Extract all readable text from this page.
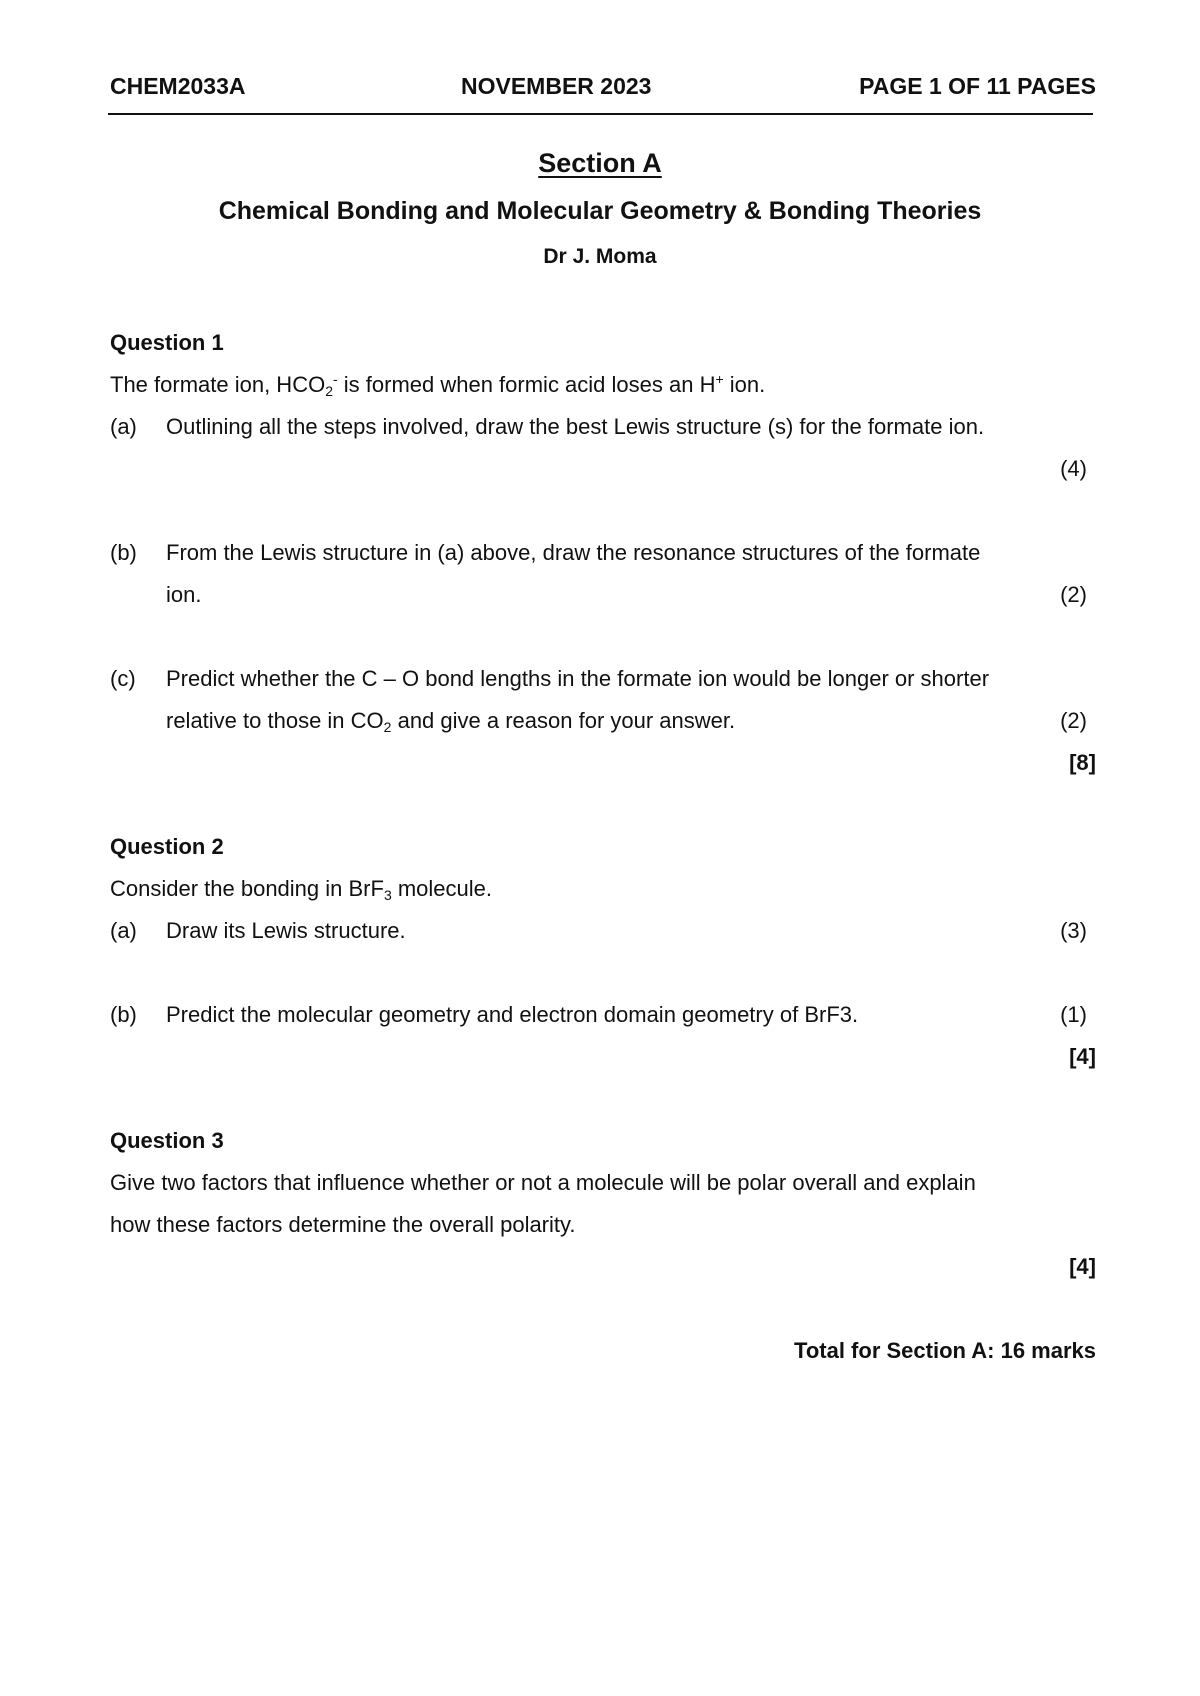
CHEM2033A	NOVEMBER 2023	PAGE 1 OF 11 PAGES
Section A
Chemical Bonding and Molecular Geometry & Bonding Theories
Dr J. Moma
Question 1
The formate ion, $HCO_2^-$ is formed when formic acid loses an H+ ion.
(a) Outlining all the steps involved, draw the best Lewis structure (s) for the formate ion.
(4)
(b) From the Lewis structure in (a) above, draw the resonance structures of the formate
ion.	(2)
(c) Predict whether the C – O bond lengths in the formate ion would be longer or shorter
relative to those in $CO_2$ and give a reason for your answer.	(2)
[8]
Question 2
Consider the bonding in BrF$_3$ molecule.
(a) Draw its Lewis structure.	(3)
(b) Predict the molecular geometry and electron domain geometry of BrF3.	(1)
[4]
Question 3
Give two factors that influence whether or not a molecule will be polar overall and explain
how these factors determine the overall polarity.
[4]
Total for Section A: 16 marks
